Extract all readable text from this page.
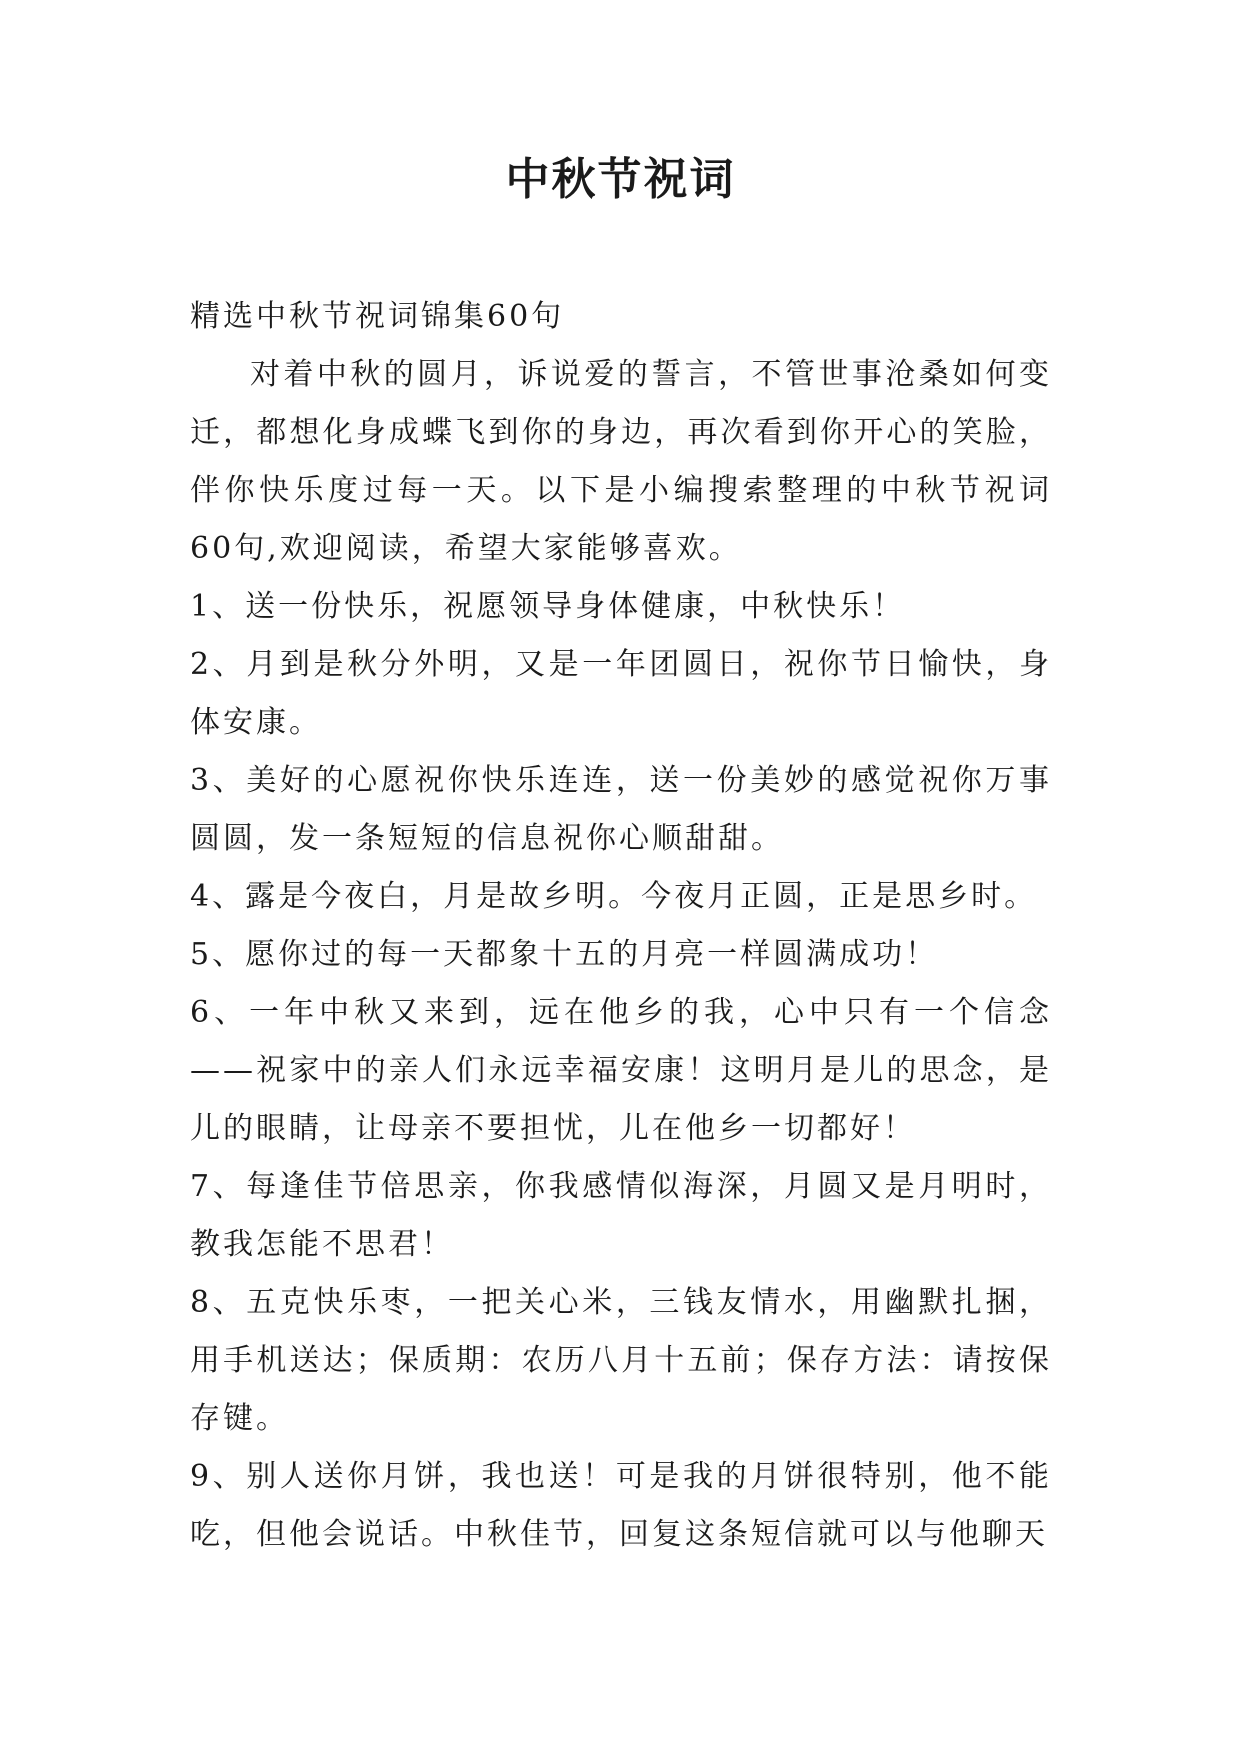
中秋节祝词

精选中秋节祝词锦集60句

对着中秋的圆月，诉说爱的誓言，不管世事沧桑如何变迁，都想化身成蝶飞到你的身边，再次看到你开心的笑脸，伴你快乐度过每一天。以下是小编搜索整理的中秋节祝词60句,欢迎阅读，希望大家能够喜欢。

1、送一份快乐，祝愿领导身体健康，中秋快乐！

2、月到是秋分外明，又是一年团圆日，祝你节日愉快，身体安康。

3、美好的心愿祝你快乐连连，送一份美妙的感觉祝你万事圆圆，发一条短短的信息祝你心顺甜甜。

4、露是今夜白，月是故乡明。今夜月正圆，正是思乡时。

5、愿你过的每一天都象十五的月亮一样圆满成功！

6、一年中秋又来到，远在他乡的我，心中只有一个信念——祝家中的亲人们永远幸福安康！这明月是儿的思念，是儿的眼睛，让母亲不要担忧，儿在他乡一切都好！

7、每逢佳节倍思亲，你我感情似海深，月圆又是月明时，教我怎能不思君！

8、五克快乐枣，一把关心米，三钱友情水，用幽默扎捆，用手机送达；保质期：农历八月十五前；保存方法：请按保存键。

9、别人送你月饼，我也送！可是我的月饼很特别，他不能吃，但他会说话。中秋佳节，回复这条短信就可以与他聊天
